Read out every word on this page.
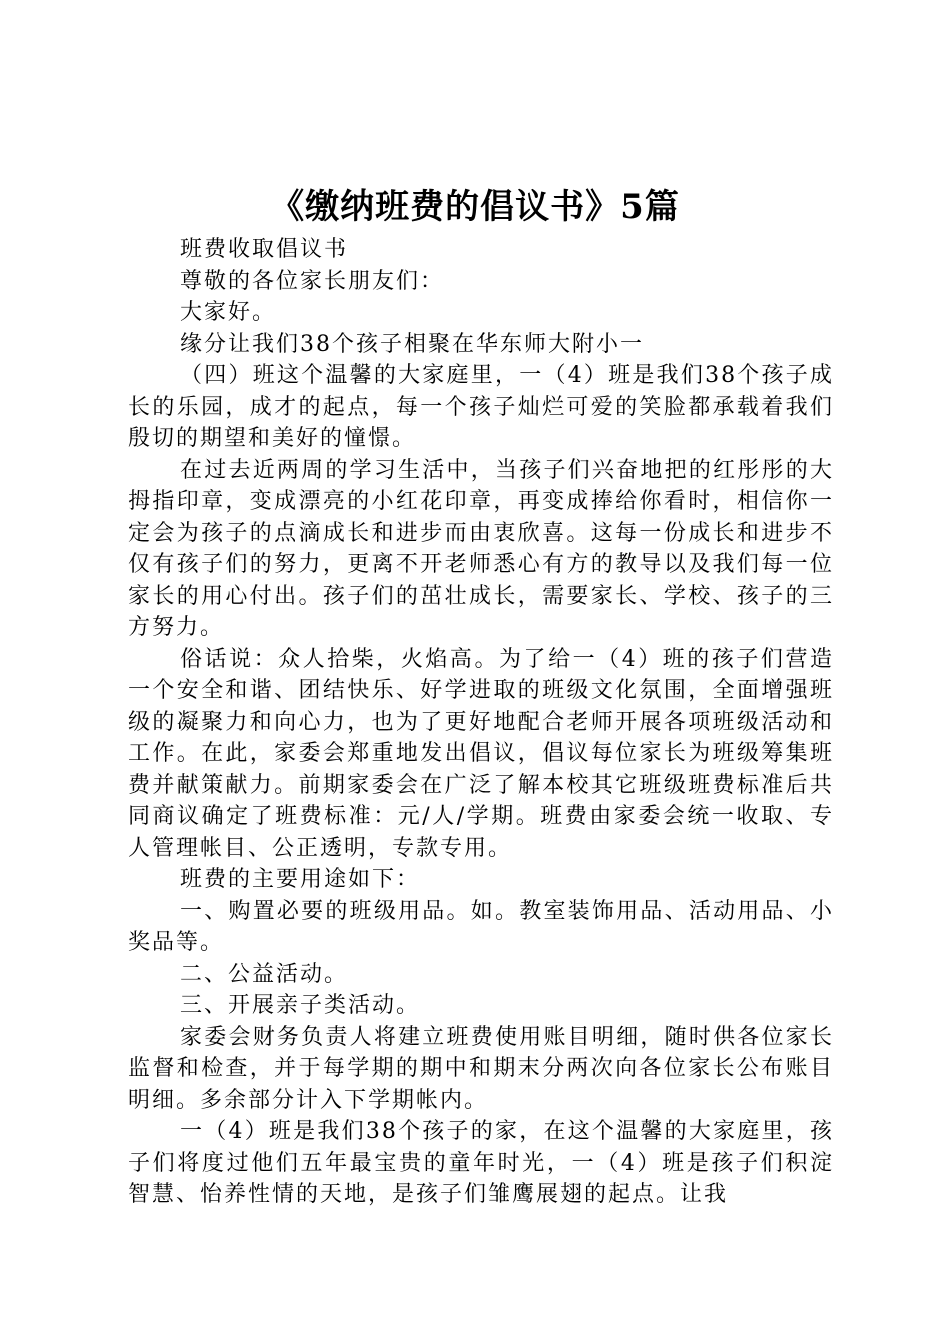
《缴纳班费的倡议书》5篇

班费收取倡议书

尊敬的各位家长朋友们：

大家好。

缘分让我们38个孩子相聚在华东师大附小一

（四）班这个温馨的大家庭里，一（4）班是我们38个孩子成长的乐园，成才的起点，每一个孩子灿烂可爱的笑脸都承载着我们殷切的期望和美好的憧憬。

在过去近两周的学习生活中，当孩子们兴奋地把的红彤彤的大拇指印章，变成漂亮的小红花印章，再变成捧给你看时，相信你一定会为孩子的点滴成长和进步而由衷欣喜。这每一份成长和进步不仅有孩子们的努力，更离不开老师悉心有方的教导以及我们每一位家长的用心付出。孩子们的茁壮成长，需要家长、学校、孩子的三方努力。

俗话说：众人拾柴，火焰高。为了给一（4）班的孩子们营造一个安全和谐、团结快乐、好学进取的班级文化氛围，全面增强班级的凝聚力和向心力，也为了更好地配合老师开展各项班级活动和工作。在此，家委会郑重地发出倡议，倡议每位家长为班级筹集班费并献策献力。前期家委会在广泛了解本校其它班级班费标准后共同商议确定了班费标准：元/人/学期。班费由家委会统一收取、专人管理帐目、公正透明，专款专用。

班费的主要用途如下：

一、购置必要的班级用品。如。教室装饰用品、活动用品、小奖品等。

二、公益活动。

三、开展亲子类活动。

家委会财务负责人将建立班费使用账目明细，随时供各位家长监督和检查，并于每学期的期中和期末分两次向各位家长公布账目明细。多余部分计入下学期帐内。

一（4）班是我们38个孩子的家，在这个温馨的大家庭里，孩子们将度过他们五年最宝贵的童年时光，一（4）班是孩子们积淀智慧、怡养性情的天地，是孩子们雏鹰展翅的起点。让我
